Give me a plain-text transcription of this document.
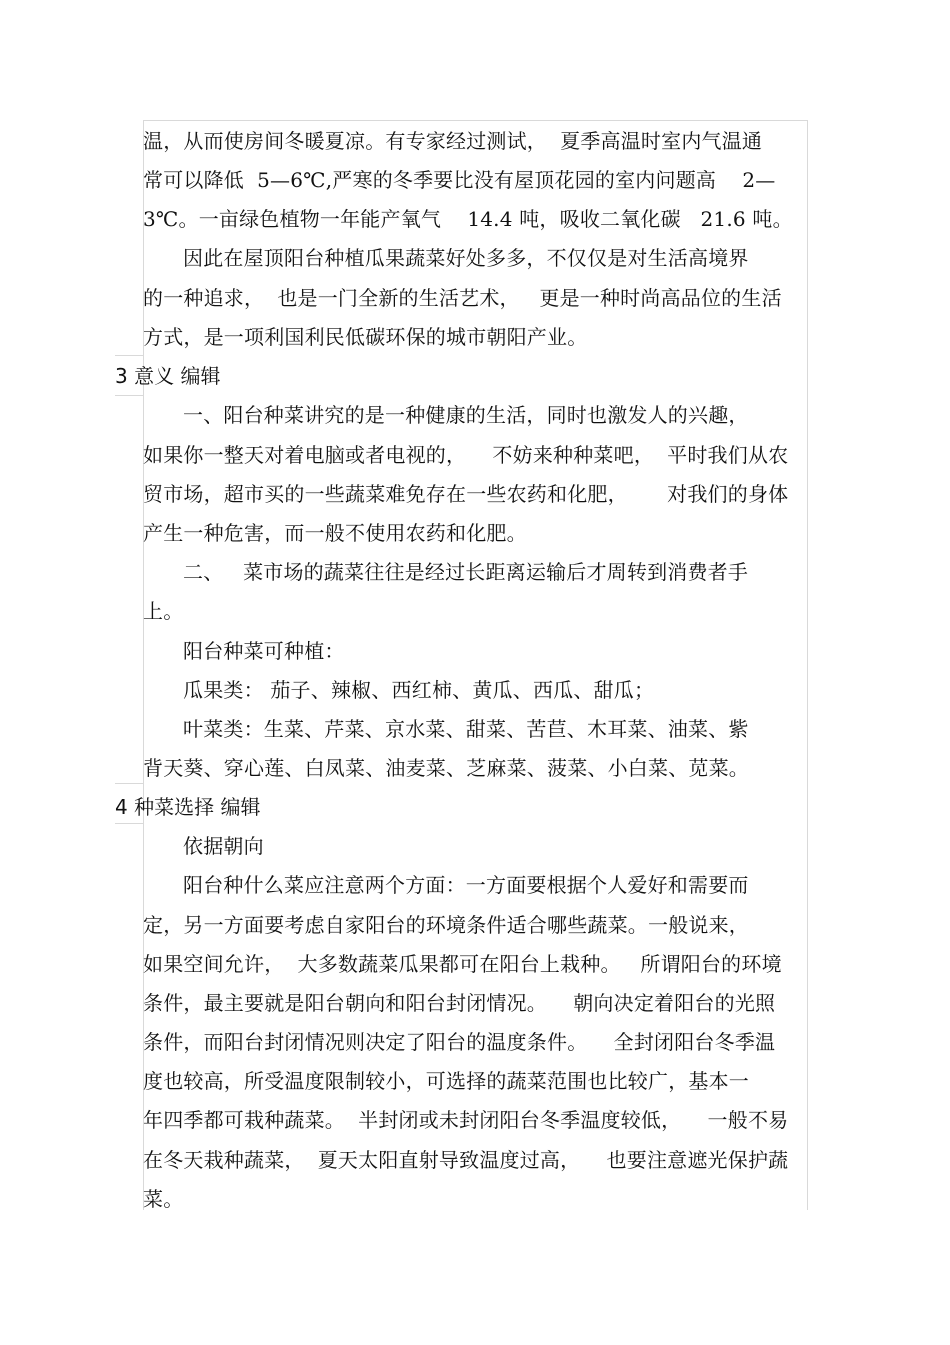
温，从而使房间冬暖夏凉。有专家经过测试，  夏季高温时室内气温通
常可以降低  5—6℃,严寒的冬季要比没有屋顶花园的室内问题高    2—
3℃。一亩绿色植物一年能产氧气    14.4 吨，吸收二氧化碳   21.6 吨。
因此在屋顶阳台种植瓜果蔬菜好处多多，不仅仅是对生活高境界
的一种追求，  也是一门全新的生活艺术，   更是一种时尚高品位的生活
方式，是一项利国利民低碳环保的城市朝阳产业。
3 意义 编辑
一、阳台种菜讲究的是一种健康的生活，同时也激发人的兴趣，
如果你一整天对着电脑或者电视的，    不妨来种种菜吧，  平时我们从农
贸市场，超市买的一些蔬菜难免存在一些农药和化肥，      对我们的身体
产生一种危害，而一般不使用农药和化肥。
二、   菜市场的蔬菜往往是经过长距离运输后才周转到消费者手
上。
阳台种菜可种植：
瓜果类： 茄子、辣椒、西红柿、黄瓜、西瓜、甜瓜；
叶菜类：生菜、芹菜、京水菜、甜菜、苦苣、木耳菜、油菜、紫
背天葵、穿心莲、白凤菜、油麦菜、芝麻菜、菠菜、小白菜、苋菜。
4 种菜选择 编辑
依据朝向
阳台种什么菜应注意两个方面：一方面要根据个人爱好和需要而
定，另一方面要考虑自家阳台的环境条件适合哪些蔬菜。一般说来，
如果空间允许，  大多数蔬菜瓜果都可在阳台上栽种。   所谓阳台的环境
条件，最主要就是阳台朝向和阳台封闭情况。    朝向决定着阳台的光照
条件，而阳台封闭情况则决定了阳台的温度条件。    全封闭阳台冬季温
度也较高，所受温度限制较小，可选择的蔬菜范围也比较广，基本一
年四季都可栽种蔬菜。  半封闭或未封闭阳台冬季温度较低，    一般不易
在冬天栽种蔬菜，  夏天太阳直射导致温度过高，    也要注意遮光保护蔬
菜。
